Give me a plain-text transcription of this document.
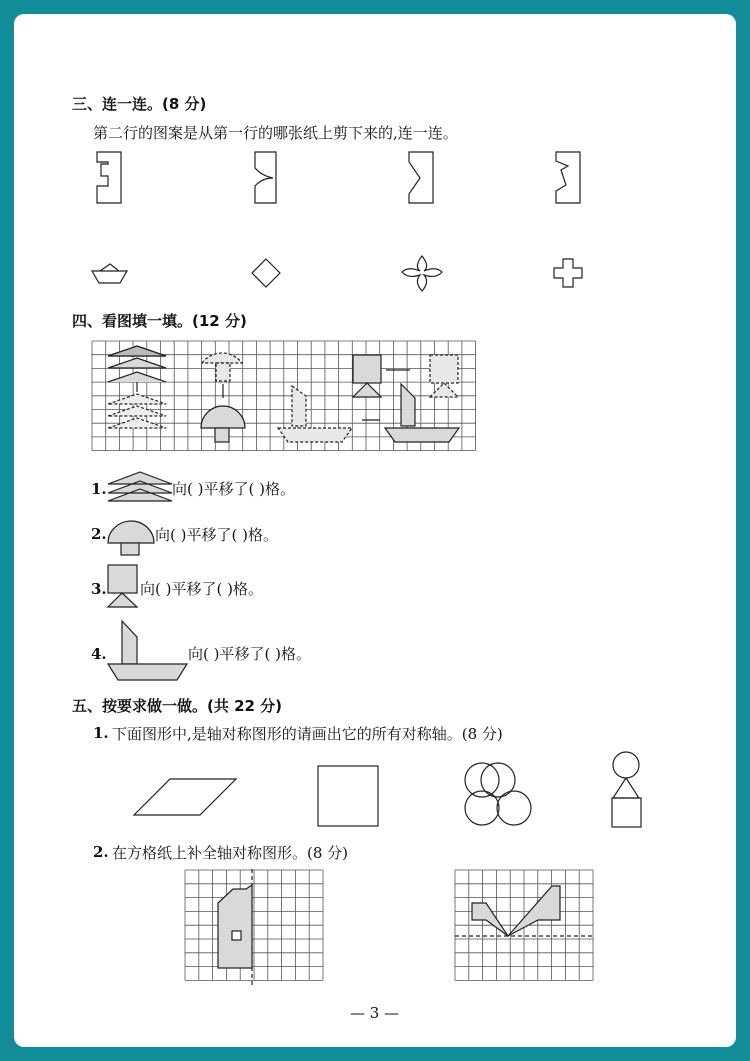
三、连一连。(8 分)
第二行的图案是从第一行的哪张纸上剪下来的,连一连。
四、看图填一填。(12 分)
1.	向( )平移了( )格。
2.	向( )平移了( )格。
3. 向( )平移了( )格。
4.	向( )平移了( )格。
五、按要求做一做。(共 22 分)
1. 下面图形中,是轴对称图形的请画出它的所有对称轴。(8 分)
2. 在方格纸上补全轴对称图形。(8 分)
— 3 —
